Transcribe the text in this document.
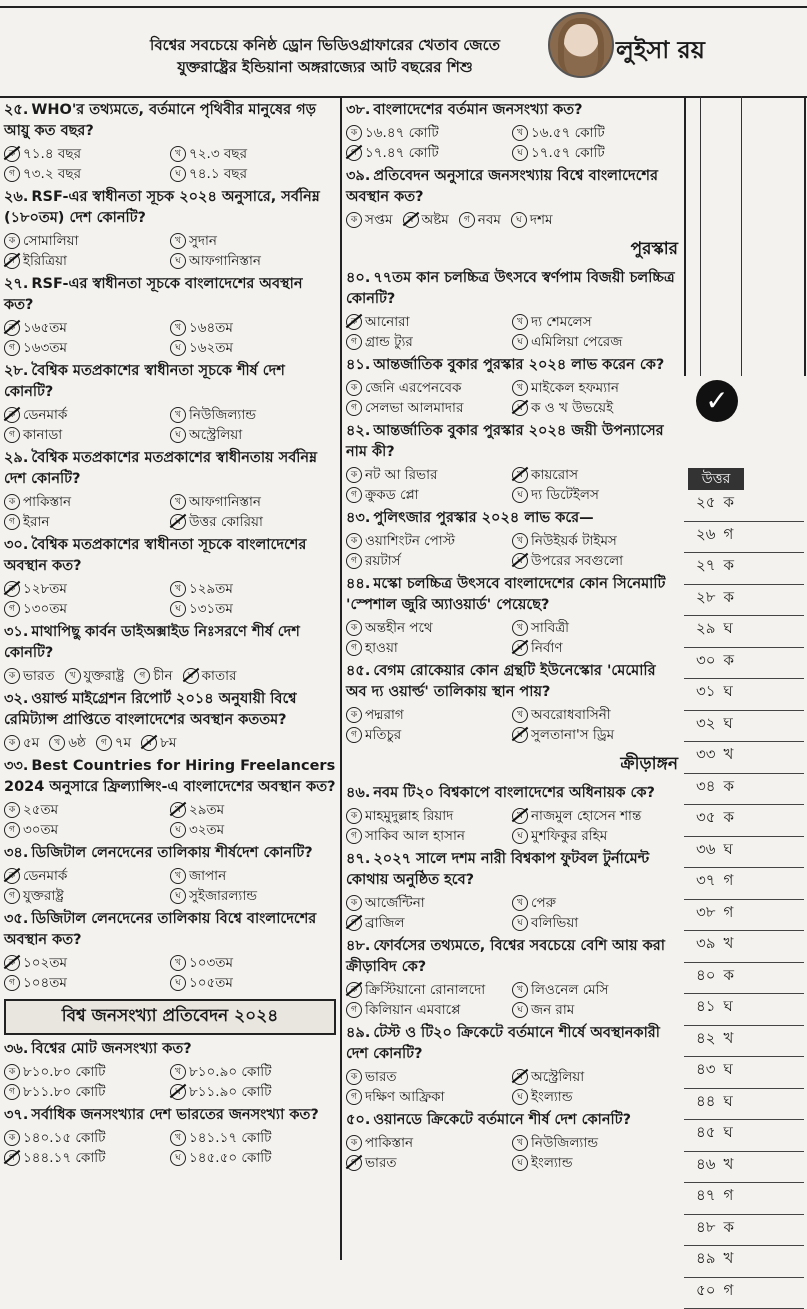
বিশ্বের সবচেয়ে কনিষ্ঠ ড্রোন ভিডিওগ্রাফারের খেতাব জেতে
যুক্তরাষ্ট্রের ইন্ডিয়ানা অঙ্গরাজ্যের আট বছরের শিশু
লুইসা রয়
২৫. WHO'র তথ্যমতে, বর্তমানে পৃথিবীর মানুষের গড় আয়ু কত বছর?
ক ৭১.৪ বছর	খ ৭২.৩ বছর
গ ৭৩.২ বছর	ঘ ৭৪.১ বছর
২৬. RSF-এর স্বাধীনতা সূচক ২০২৪ অনুসারে, সর্বনিম্ন (১৮০তম) দেশ কোনটি?
ক সোমালিয়া	খ সুদান
গ ইরিত্রিয়া	ঘ আফগানিস্তান
২৭. RSF-এর স্বাধীনতা সূচকে বাংলাদেশের অবস্থান কত?
ক ১৬৫তম	খ ১৬৪তম
গ ১৬৩তম	ঘ ১৬২তম
২৮. বৈশ্বিক মতপ্রকাশের স্বাধীনতা সূচকে শীর্ষ দেশ কোনটি?
ক ডেনমার্ক	খ নিউজিল্যান্ড
গ কানাডা	ঘ অস্ট্রেলিয়া
২৯. বৈশ্বিক মতপ্রকাশের মতপ্রকাশের স্বাধীনতায় সর্বনিম্ন দেশ কোনটি?
ক পাকিস্তান	খ আফগানিস্তান
গ ইরান	ঘ উত্তর কোরিয়া
৩০. বৈশ্বিক মতপ্রকাশের স্বাধীনতা সূচকে বাংলাদেশের অবস্থান কত?
ক ১২৮তম	খ ১২৯তম
গ ১৩০তম	ঘ ১৩১তম
৩১. মাথাপিছু কার্বন ডাইঅক্সাইড নিঃসরণে শীর্ষ দেশ কোনটি?
ক ভারত	খ যুক্তরাষ্ট্র	গ চীন	ঘ কাতার
৩২. ওয়ার্ল্ড মাইগ্রেশন রিপোর্ট ২০১৪ অনুযায়ী বিশ্বে রেমিট্যান্স প্রাপ্তিতে বাংলাদেশের অবস্থান কততম?
ক ৫ম	খ ৬ষ্ঠ	গ ৭ম	ঘ ৮ম
৩৩. Best Countries for Hiring Freelancers 2024 অনুসারে ফ্রিল্যান্সিং-এ বাংলাদেশের অবস্থান কত?
ক ২৫তম	খ ২৯তম
গ ৩০তম	ঘ ৩২তম
৩৪. ডিজিটাল লেনদেনের তালিকায় শীর্ষদেশ কোনটি?
ক ডেনমার্ক	খ জাপান
গ যুক্তরাষ্ট্র	ঘ সুইজারল্যান্ড
৩৫. ডিজিটাল লেনদেনের তালিকায় বিশ্বে বাংলাদেশের অবস্থান কত?
ক ১০২তম	খ ১০৩তম
গ ১০৪তম	ঘ ১০৫তম
বিশ্ব জনসংখ্যা প্রতিবেদন ২০২৪
৩৬. বিশ্বের মোট জনসংখ্যা কত?
ক ৮১০.৮০ কোটি	খ ৮১০.৯০ কোটি
গ ৮১১.৮০ কোটি	ঘ ৮১১.৯০ কোটি
৩৭. সর্বাধিক জনসংখ্যার দেশ ভারতের জনসংখ্যা কত?
ক ১৪০.১৫ কোটি	খ ১৪১.১৭ কোটি
গ ১৪৪.১৭ কোটি	ঘ ১৪৫.৫০ কোটি
৩৮. বাংলাদেশের বর্তমান জনসংখ্যা কত?
ক ১৬.৪৭ কোটি	খ ১৬.৫৭ কোটি
গ ১৭.৪৭ কোটি	ঘ ১৭.৫৭ কোটি
৩৯. প্রতিবেদন অনুসারে জনসংখ্যায় বিশ্বে বাংলাদেশের অবস্থান কত?
ক সপ্তম	খ অষ্টম	গ নবম	ঘ দশম
পুরস্কার
৪০. ৭৭তম কান চলচ্চিত্র উৎসবে স্বর্ণপাম বিজয়ী চলচ্চিত্র কোনটি?
ক আনোরা	খ দ্য শেমলেস
গ গ্রান্ড ট্যুর	ঘ এমিলিয়া পেরেজ
৪১. আন্তর্জাতিক বুকার পুরস্কার ২০২৪ লাভ করেন কে?
ক জেনি এরপেনবেক	খ মাইকেল হফম্যান
গ সেলভা আলমাদার	ঘ ক ও খ উভয়েই
৪২. আন্তর্জাতিক বুকার পুরস্কার ২০২৪ জয়ী উপন্যাসের নাম কী?
ক নট আ রিভার	খ কায়রোস
গ ক্রুকড প্লো	ঘ দ্য ডিটেইলস
৪৩. পুলিৎজার পুরস্কার ২০২৪ লাভ করে—
ক ওয়াশিংটন পোস্ট	খ নিউইয়র্ক টাইমস
গ রয়টার্স	ঘ উপরের সবগুলো
৪৪. মস্কো চলচ্চিত্র উৎসবে বাংলাদেশের কোন সিনেমাটি 'স্পেশাল জুরি অ্যাওয়ার্ড' পেয়েছে?
ক অন্তহীন পথে	খ সাবিত্রী
গ হাওয়া	ঘ নির্বাণ
৪৫. বেগম রোকেয়ার কোন গ্রন্থটি ইউনেস্কোর 'মেমোরি অব দ্য ওয়ার্ল্ড' তালিকায় স্থান পায়?
ক পদ্মরাগ	খ অবরোধবাসিনী
গ মতিচুর	ঘ সুলতানা'স ড্রিম
ক্রীড়াঙ্গন
৪৬. নবম টি২০ বিশ্বকাপে বাংলাদেশের অধিনায়ক কে?
ক মাহমুদুল্লাহ রিয়াদ	খ নাজমুল হোসেন শান্ত
গ সাকিব আল হাসান	ঘ মুশফিকুর রহিম
৪৭. ২০২৭ সালে দশম নারী বিশ্বকাপ ফুটবল টুর্নামেন্ট কোথায় অনুষ্ঠিত হবে?
ক আর্জেন্টিনা	খ পেরু
গ ব্রাজিল	ঘ বলিভিয়া
৪৮. ফোর্বসের তথ্যমতে, বিশ্বের সবচেয়ে বেশি আয় করা ক্রীড়াবিদ কে?
ক ক্রিস্টিয়ানো রোনালদো	খ লিওনেল মেসি
গ কিলিয়ান এমবাপ্পে	ঘ জন রাম
৪৯. টেস্ট ও টি২০ ক্রিকেটে বর্তমানে শীর্ষে অবস্থানকারী দেশ কোনটি?
ক ভারত	খ অস্ট্রেলিয়া
গ দক্ষিণ আফ্রিকা	ঘ ইংল্যান্ড
৫০. ওয়ানডে ক্রিকেটে বর্তমানে শীর্ষ দেশ কোনটি?
ক পাকিস্তান	খ নিউজিল্যান্ড
গ ভারত	ঘ ইংল্যান্ড
✓
উত্তর
২৫ ক
২৬ গ
২৭ ক
২৮ ক
২৯ ঘ
৩০ ক
৩১ ঘ
৩২ ঘ
৩৩ খ
৩৪ ক
৩৫ ক
৩৬ ঘ
৩৭ গ
৩৮ গ
৩৯ খ
৪০ ক
৪১ ঘ
৪২ খ
৪৩ ঘ
৪৪ ঘ
৪৫ ঘ
৪৬ খ
৪৭ গ
৪৮ ক
৪৯ খ
৫০ গ
